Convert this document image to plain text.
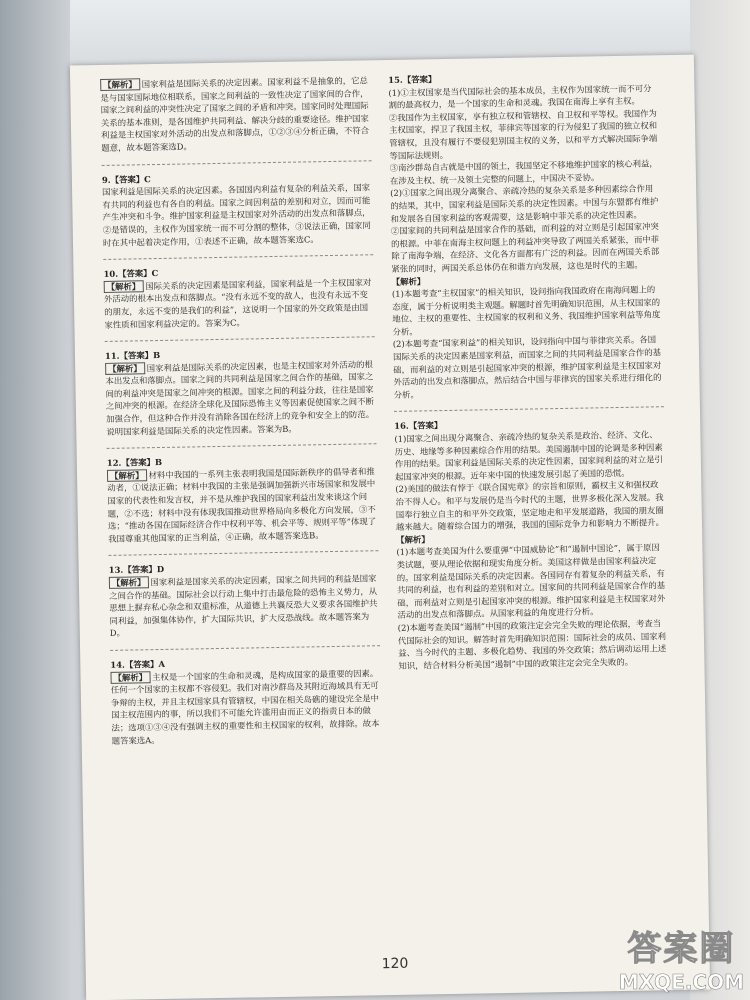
【解析】 国家利益是国际关系的决定因素。国家利益不是抽象的，它总是与国家国际地位相联系，国家之间利益的一致性决定了国家间的合作，国家之间利益的冲突性决定了国家之间的矛盾和冲突。国家同时处理国际关系的基本准则，是各国维护共同利益、解决分歧的重要途径。维护国家利益是主权国家对外活动的出发点和落脚点，①②③④分析正确，不符合题意，故本题答案选D。
9.【答案】C
国家利益是国际关系的决定因素。各国国内利益有复杂的利益关系，国家有共同的利益也有各自的利益。国家之间因利益的差别和对立，因而可能产生冲突和斗争。维护国家利益是主权国家对外活动的出发点和落脚点，②是错误的，主权作为国家统一而不可分割的整体，③说法正确，国家同时在其中起着决定作用，①表述不正确，故本题答案选C。
10.【答案】C
【解析】 国际关系的决定因素是国家利益，国家利益是一个主权国家对外活动的根本出发点和落脚点。“没有永远不变的敌人，也没有永远不变的朋友，永远不变的是我们的利益”，这说明一个国家的外交政策是由国家性质和国家利益决定的。答案为C。
11.【答案】B
【解析】 国家利益是国际关系的决定因素，也是主权国家对外活动的根本出发点和落脚点。国家之间的共同利益是国家之间合作的基础，国家之间的利益冲突是国家之间冲突的根源。国家之间的利益分歧，往往是国家之间冲突的根源。在经济全球化及国际恐怖主义等因素促使国家之间不断加强合作，但这种合作并没有消除各国在经济上的竞争和安全上的防范。说明国家利益是国际关系的决定性因素。答案为B。
12.【答案】B
【解析】 材料中我国的一系列主张表明我国是国际新秩序的倡导者和推动者，①说法正确；材料中我国的主张是强调加强新兴市场国家和发展中国家的代表性和发言权，并不是从维护我国的国家利益出发来谈这个问题，②不选；材料中没有体现我国推动世界格局向多极化方向发展，③不选；“推动各国在国际经济合作中权利平等、机会平等、规则平等”体现了我国尊重其他国家的正当利益，④正确，故本题答案选B。
13.【答案】D
【解析】 国家利益是国家关系的决定因素，国家之间共同的利益是国家之间合作的基础。国际社会以行动上集中打击最危险的恐怖主义势力，从思想上摒弃私心杂念和双重标准，从道德上共襄反恐大义要求各国维护共同利益，加强集体协作，扩大国际共识，扩大反恐战线。故本题答案为D。
14.【答案】A
【解析】 主权是一个国家的生命和灵魂，是构成国家的最重要的因素。任何一个国家的主权都不容侵犯。我们对南沙群岛及其附近海域具有无可争辩的主权，并且主权国家具有管辖权，中国在相关岛礁的建设完全是中国主权范围内的事，所以我们不可能允许滥用由而正义的指责日本的做法；选项①③④没有强调主权的重要性和主权国家的权利，故排除。故本题答案选A。
15.【答案】
(1)①主权国家是当代国际社会的基本成员，主权作为国家统一而不可分割的最高权力，是一个国家的生命和灵魂。我国在南海上享有主权。
②我国作为主权国家，享有独立权和管辖权、自卫权和平等权。我国作为主权国家，捍卫了我国主权，菲律宾等国家的行为侵犯了我国的独立权和管辖权，且没有履行不要侵犯别国主权的义务，以和平方式解决国际争端等国际法规则。
③南沙群岛自古就是中国的领土，我国坚定不移地维护国家的核心利益，在涉及主权、统一及领土完整的问题上，中国决不妥协。
(2)①国家之间出现分离聚合、亲疏冷热的复杂关系是多种因素综合作用的结果，其中，国家利益是国际关系的决定性因素。中国与东盟都有维护和发展各自国家利益的客观需要，这是影响中菲关系的决定性因素。
②国家间的共同利益是国家合作的基础，而利益的对立则是引起国家冲突的根源。中菲在南海主权问题上的利益冲突导致了两国关系紧张，而中菲除了南海争端，在经济、文化各方面都有广泛的利益。因而在两国关系部紧张的同时，两国关系总体仍在和谐方向发展，这也是时代的主题。
【解析】
(1)本题考查“主权国家”的相关知识，设问指向我国政府在南海问题上的态度，属于分析说明类主观题。解题时首先明确知识范围，从主权国家的地位、主权的重要性、主权国家的权利和义务、我国维护国家利益等角度分析。
(2)本题考查“国家利益”的相关知识，设问指向中国与菲律宾关系。各国国际关系的决定因素是国家利益，而国家之间的共同利益是国家合作的基础，而利益的对立则是引起国家冲突的根源，维护国家利益是主权国家对外活动的出发点和落脚点，然后结合中国与菲律宾的国家关系进行细化的分析。
16.【答案】
(1)国家之间出现分离聚合、亲疏冷热的复杂关系是政治、经济、文化、历史、地缘等多种因素综合作用的结果。美国遏制中国的论调是多种因素作用的结果。国家利益是国际关系的决定性因素，国家间利益的对立是引起国家冲突的根源。近年来中国的快速发展引起了美国的恐慌。
(2)美国的做法有悖于《联合国宪章》的宗旨和原则，霸权主义和强权政治不得人心。和平与发展仍是当今时代的主题，世界多极化深入发展。我国奉行独立自主的和平外交政策，坚定地走和平发展道路，我国的朋友圈越来越大。随着综合国力的增强，我国的国际竞争力和影响力不断提升。
【解析】
(1)本题考查美国为什么要重弹“中国威胁论”和“遏制中国论”，属于原因类试题，要从理论依据和现实角度分析。美国这样做是由国家利益决定的。国家利益是国际关系的决定因素。各国同存有着复杂的利益关系，有共同的利益，也有利益的差别和对立。国家间的共同利益是国家合作的基础，而利益对立则是引起国家冲突的根源。维护国家利益是主权国家对外活动的出发点和落脚点。从国家利益的角度进行分析。
(2)本题考查美国“遏制”中国的政策注定会完全失败的理论依据，考查当代国际社会的知识。解答时首先明确知识范围：国际社会的成员、国家利益、当今时代的主题、多极化趋势、我国的外交政策；然后调动运用上述知识，结合材料分析美国“遏制”中国的政策注定会完全失败的。
120	答案圈
MXQE.COM
